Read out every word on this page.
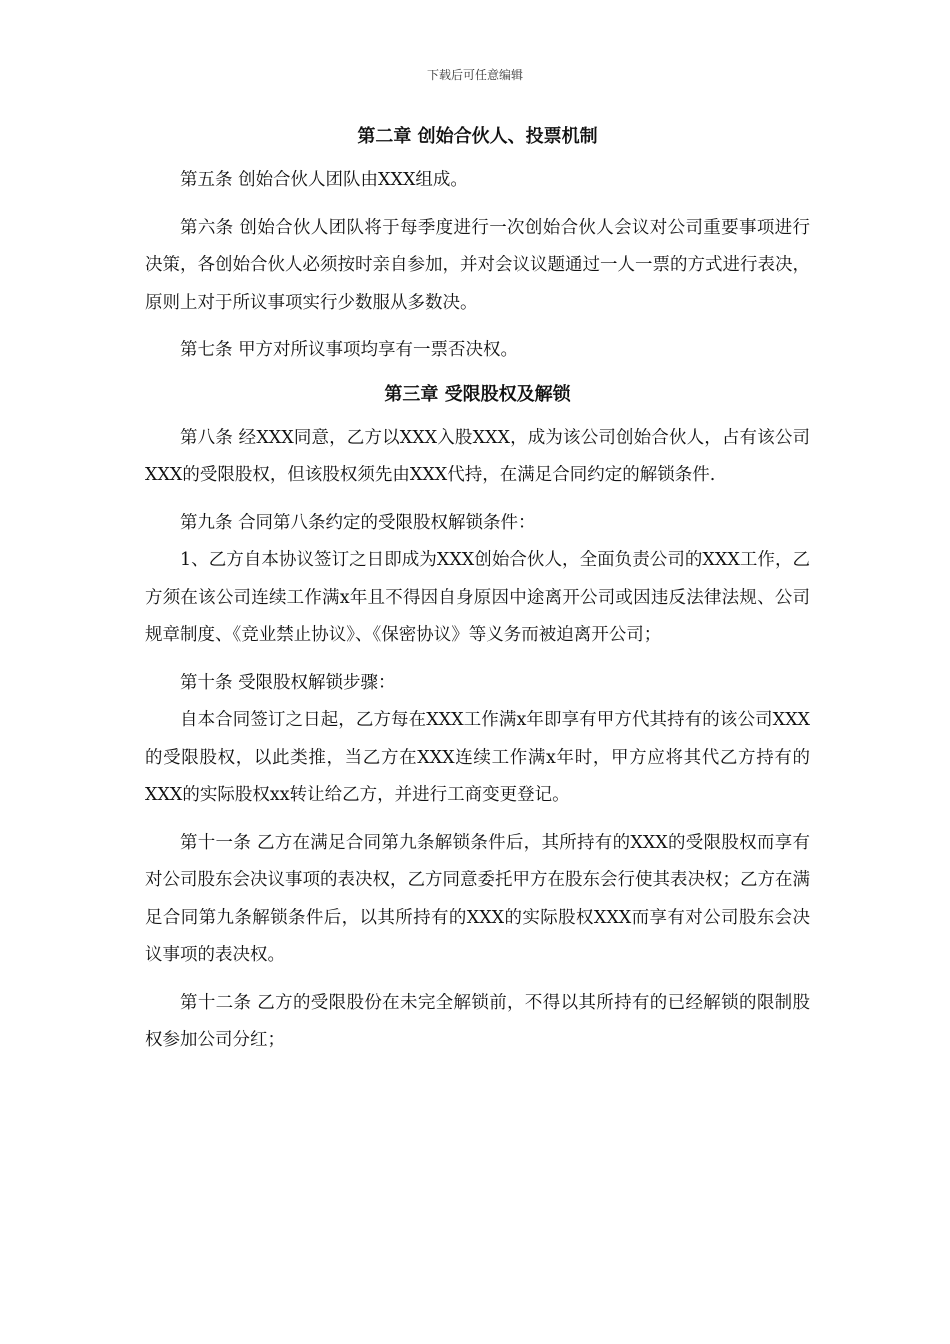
下载后可任意编辑
第二章 创始合伙人、投票机制

第五条 创始合伙人团队由XXX组成。

第六条 创始合伙人团队将于每季度进行一次创始合伙人会议对公司重要事项进行决策，各创始合伙人必须按时亲自参加，并对会议议题通过一人一票的方式进行表决，原则上对于所议事项实行少数服从多数决。

第七条 甲方对所议事项均享有一票否决权。

第三章 受限股权及解锁

第八条 经XXX同意，乙方以XXX入股XXX，成为该公司创始合伙人，占有该公司XXX的受限股权，但该股权须先由XXX代持，在满足合同约定的解锁条件.

第九条 合同第八条约定的受限股权解锁条件：

1、乙方自本协议签订之日即成为XXX创始合伙人，全面负责公司的XXX工作，乙方须在该公司连续工作满x年且不得因自身原因中途离开公司或因违反法律法规、公司规章制度、《竞业禁止协议》、《保密协议》等义务而被迫离开公司；

第十条 受限股权解锁步骤：

自本合同签订之日起，乙方每在XXX工作满x年即享有甲方代其持有的该公司XXX的受限股权，以此类推，当乙方在XXX连续工作满x年时，甲方应将其代乙方持有的XXX的实际股权xx转让给乙方，并进行工商变更登记。

第十一条 乙方在满足合同第九条解锁条件后，其所持有的XXX的受限股权而享有对公司股东会决议事项的表决权，乙方同意委托甲方在股东会行使其表决权；乙方在满足合同第九条解锁条件后，以其所持有的XXX的实际股权XXX而享有对公司股东会决议事项的表决权。

第十二条 乙方的受限股份在未完全解锁前，不得以其所持有的已经解锁的限制股权参加公司分红；
